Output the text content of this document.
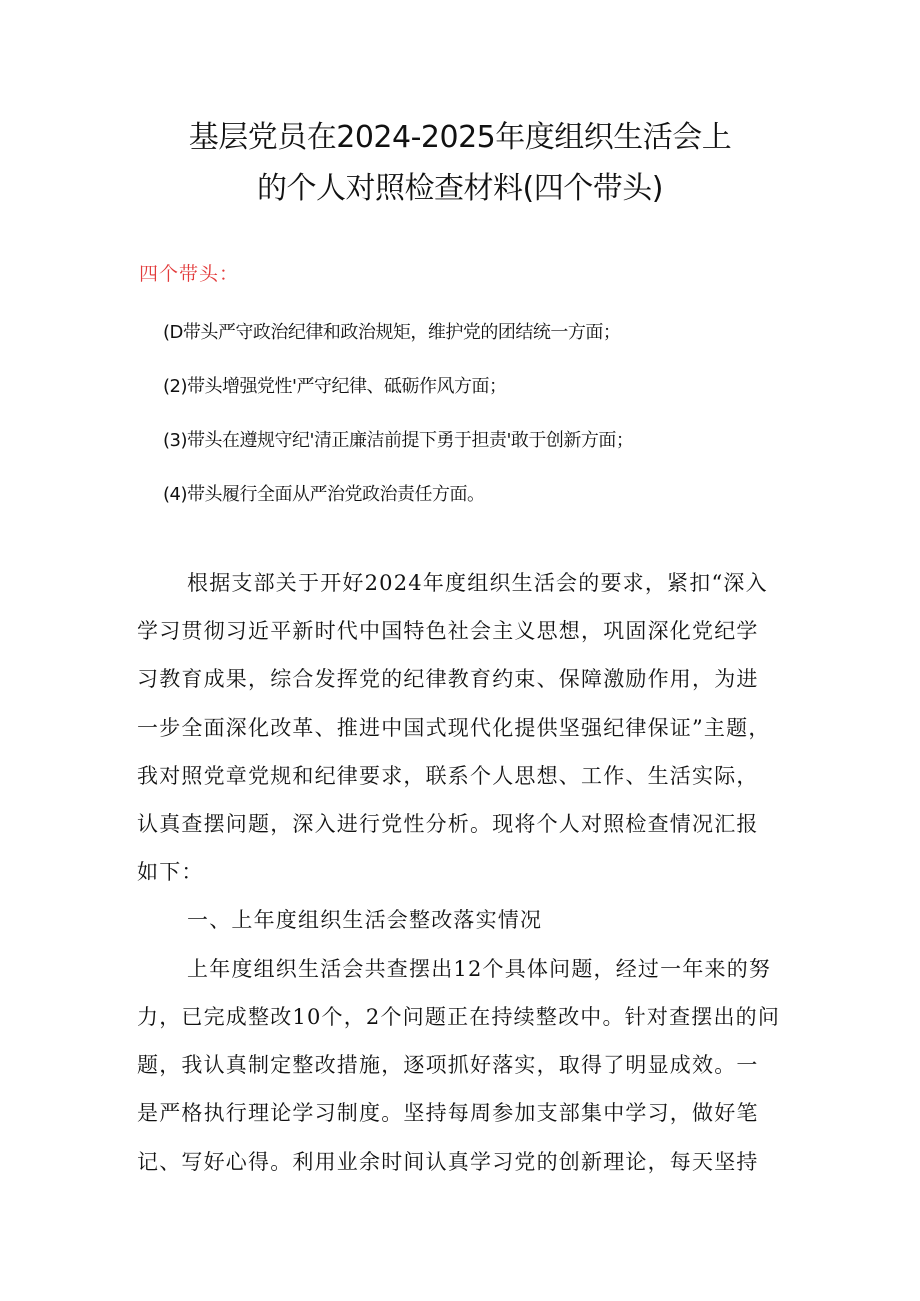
基层党员在2024-2025年度组织生活会上
的个人对照检查材料(四个带头)
四个带头：
(D带头严守政治纪律和政治规矩，维护党的团结统一方面；
(2)带头增强党性'严守纪律、砥砺作风方面；
(3)带头在遵规守纪'清正廉洁前提下勇于担责'敢于创新方面；
(4)带头履行全面从严治党政治责任方面。
根据支部关于开好2024年度组织生活会的要求，紧扣“深入
学习贯彻习近平新时代中国特色社会主义思想，巩固深化党纪学
习教育成果，综合发挥党的纪律教育约束、保障激励作用，为进
一步全面深化改革、推进中国式现代化提供坚强纪律保证”主题，
我对照党章党规和纪律要求，联系个人思想、工作、生活实际，
认真查摆问题，深入进行党性分析。现将个人对照检查情况汇报
如下：
一、上年度组织生活会整改落实情况
上年度组织生活会共查摆出12个具体问题，经过一年来的努
力，已完成整改10个，2个问题正在持续整改中。针对查摆出的问
题，我认真制定整改措施，逐项抓好落实，取得了明显成效。一
是严格执行理论学习制度。坚持每周参加支部集中学习，做好笔
记、写好心得。利用业余时间认真学习党的创新理论，每天坚持
